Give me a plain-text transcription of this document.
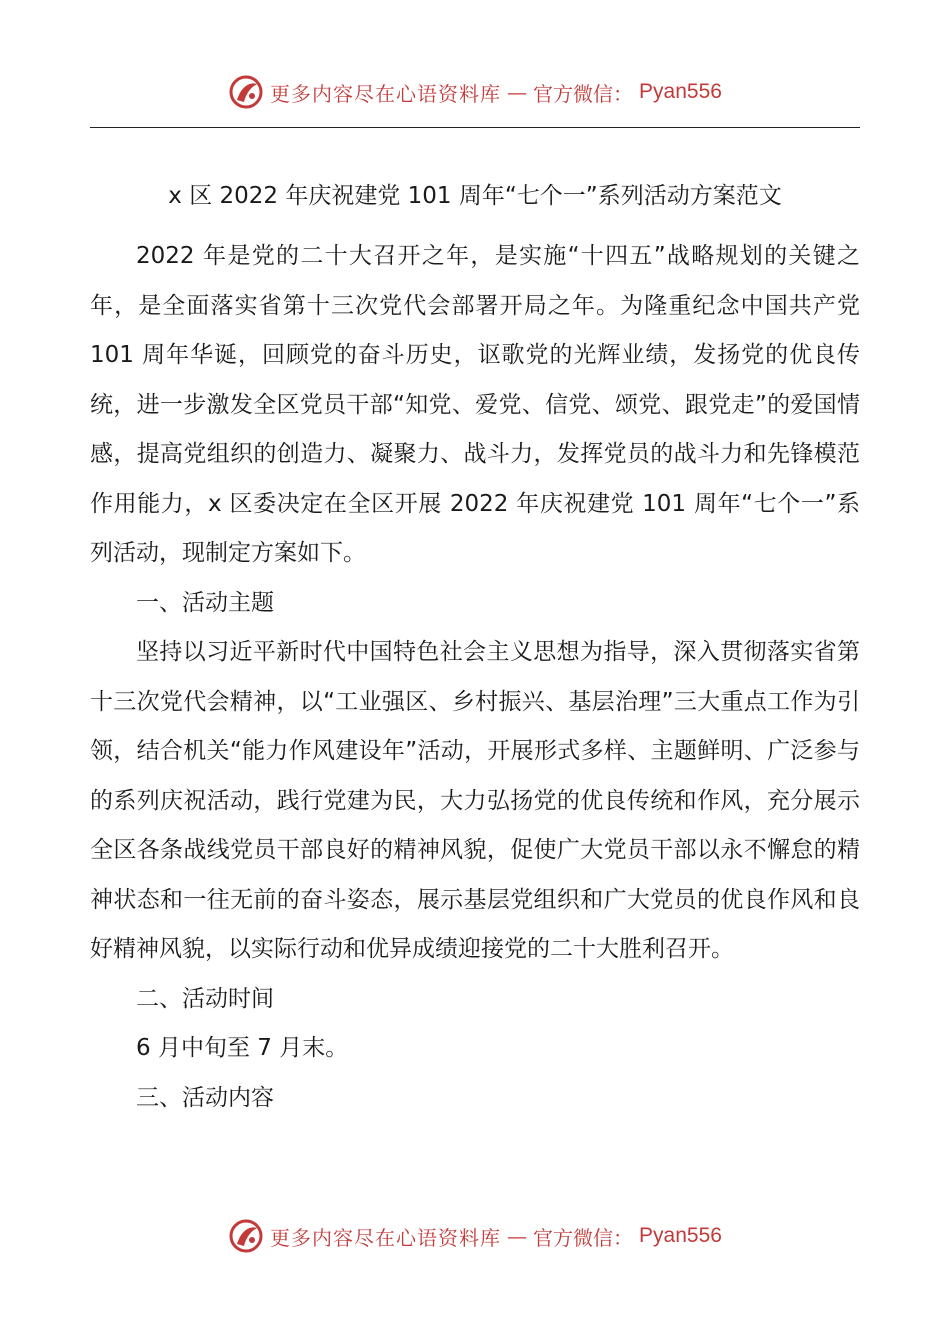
更多内容尽在心语资料库 — 官方微信： Pyan556
x 区 2022 年庆祝建党 101 周年“七个一”系列活动方案范文

2022 年是党的二十大召开之年，是实施“十四五”战略规划的关键之年，是全面落实省第十三次党代会部署开局之年。为隆重纪念中国共产党 101 周年华诞，回顾党的奋斗历史，讴歌党的光辉业绩，发扬党的优良传统，进一步激发全区党员干部“知党、爱党、信党、颂党、跟党走”的爱国情感，提高党组织的创造力、凝聚力、战斗力，发挥党员的战斗力和先锋模范作用能力，x 区委决定在全区开展 2022 年庆祝建党 101 周年“七个一”系列活动，现制定方案如下。

一、活动主题

坚持以习近平新时代中国特色社会主义思想为指导，深入贯彻落实省第十三次党代会精神，以“工业强区、乡村振兴、基层治理”三大重点工作为引领，结合机关“能力作风建设年”活动，开展形式多样、主题鲜明、广泛参与的系列庆祝活动，践行党建为民，大力弘扬党的优良传统和作风，充分展示全区各条战线党员干部良好的精神风貌，促使广大党员干部以永不懈怠的精神状态和一往无前的奋斗姿态，展示基层党组织和广大党员的优良作风和良好精神风貌，以实际行动和优异成绩迎接党的二十大胜利召开。

二、活动时间

6 月中旬至 7 月末。

三、活动内容

更多内容尽在心语资料库 — 官方微信： Pyan556
